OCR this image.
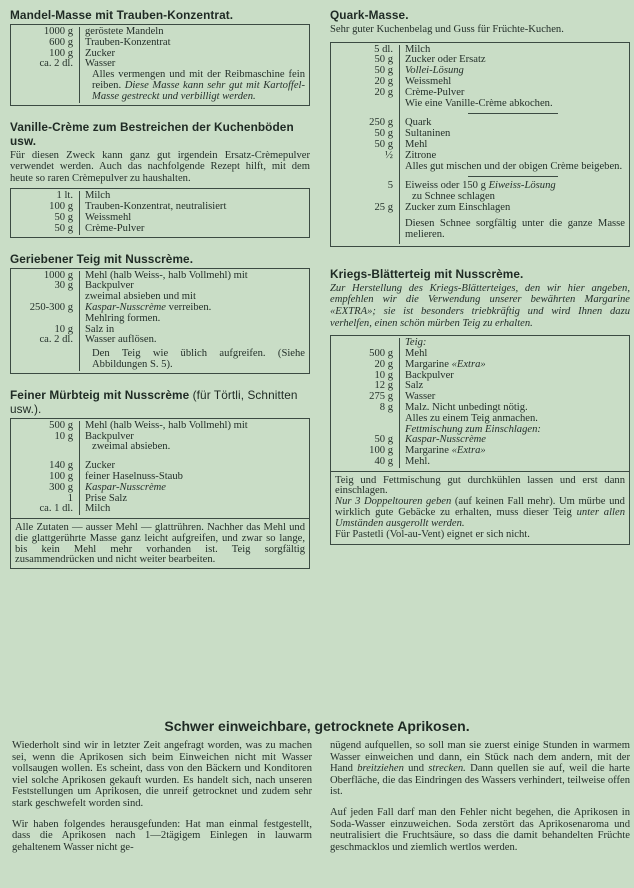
Mandel-Masse mit Trauben-Konzentrat.
1000 g	geröstete Mandeln
600 g	Trauben-Konzentrat
100 g	Zucker
ca. 2 dl.	Wasser
	Alles vermengen und mit der Reibmaschine fein reiben. Diese Masse kann sehr gut mit Kartoffel-Masse gestreckt und verbilligt werden.
Vanille-Crème zum Bestreichen der Kuchenböden usw.

Für diesen Zweck kann ganz gut irgendein Ersatz-Crèmepulver verwendet werden. Auch das nachfolgende Rezept hilft, mit dem heute so raren Crèmepulver zu haushalten.

1 lt.	Milch
100 g	Trauben-Konzentrat, neutralisiert
50 g	Weissmehl
50 g	Crème-Pulver
Geriebener Teig mit Nusscrème.
1000 g	Mehl (halb Weiss-, halb Vollmehl) mit
30 g	Backpulver
	zweimal absieben und mit
250-300 g	Kaspar-Nusscrème verreiben.
	Mehlring formen.
10 g	Salz in
ca. 2 dl.	Wasser auflösen.
	Den Teig wie üblich aufgreifen. (Siehe Abbildungen S. 5).
Feiner Mürbteig mit Nusscrème (für Törtli, Schnitten usw.).
500 g	Mehl (halb Weiss-, halb Vollmehl) mit
10 g	Backpulver
	zweimal absieben.

140 g	Zucker
100 g	feiner Haselnuss-Staub
300 g	Kaspar-Nusscrème
1	Prise Salz
ca. 1 dl.	Milch
Alle Zutaten — ausser Mehl — glattrühren. Nachher das Mehl und die glattgerührte Masse ganz leicht aufgreifen, und zwar so lange, bis kein Mehl mehr vorhanden ist. Teig sorgfältig zusammendrücken und nicht weiter bearbeiten.
Quark-Masse.

Sehr guter Kuchenbelag und Guss für Früchte-Kuchen.

5 dl.	Milch
50 g	Zucker oder Ersatz
50 g	Vollei-Lösung
20 g	Weissmehl
20 g	Crème-Pulver
	Wie eine Vanille-Crème abkochen.

250 g	Quark
50 g	Sultaninen
50 g	Mehl
½	Zitrone
	Alles gut mischen und der obigen Crème beigeben.

5	Eiweiss oder 150 g Eiweiss-Lösung
	zu Schnee schlagen
25 g	Zucker zum Einschlagen
	Diesen Schnee sorgfältig unter die ganze Masse melieren.
Kriegs-Blätterteig mit Nusscrème.

Zur Herstellung des Kriegs-Blätterteiges, den wir hier angeben, empfehlen wir die Verwendung unserer bewährten Margarine «EXTRA»; sie ist besonders triebkräftig und wird Ihnen dazu verhelfen, einen schön mürben Teig zu erhalten.

	Teig:
500 g	Mehl
20 g	Margarine «Extra»
10 g	Backpulver
12 g	Salz
275 g	Wasser
8 g	Malz. Nicht unbedingt nötig.
	Alles zu einem Teig anmachen.
	Fettmischung zum Einschlagen:
50 g	Kaspar-Nusscrème
100 g	Margarine «Extra»
40 g	Mehl.
Teig und Fettmischung gut durchkühlen lassen und erst dann einschlagen.
Nur 3 Doppeltouren geben (auf keinen Fall mehr). Um mürbe und wirklich gute Gebäcke zu erhalten, muss dieser Teig unter allen Umständen ausgerollt werden.
Für Pastetli (Vol-au-Vent) eignet er sich nicht.
Schwer einweichbare, getrocknete Aprikosen.

Wiederholt sind wir in letzter Zeit angefragt worden, was zu machen sei, wenn die Aprikosen sich beim Einweichen nicht mit Wasser vollsaugen wollen. Es scheint, dass von den Bäckern und Konditoren viel solche Aprikosen gekauft wurden. Es handelt sich, nach unseren Feststellungen um Aprikosen, die unreif getrocknet und zudem sehr stark geschwefelt worden sind.

Wir haben folgendes herausgefunden: Hat man einmal festgestellt, dass die Aprikosen nach 1—2tägigem Einlegen in lauwarm gehaltenem Wasser nicht ge-

nügend aufquellen, so soll man sie zuerst einige Stunden in warmem Wasser einweichen und dann, ein Stück nach dem andern, mit der Hand breitziehen und strecken. Dann quellen sie auf, weil die harte Oberfläche, die das Eindringen des Wassers verhindert, teilweise offen ist.

Auf jeden Fall darf man den Fehler nicht begehen, die Aprikosen in Soda-Wasser einzuweichen. Soda zerstört das Aprikosenaroma und neutralisiert die Fruchtsäure, so dass die damit behandelten Früchte geschmacklos und ziemlich wertlos werden.
